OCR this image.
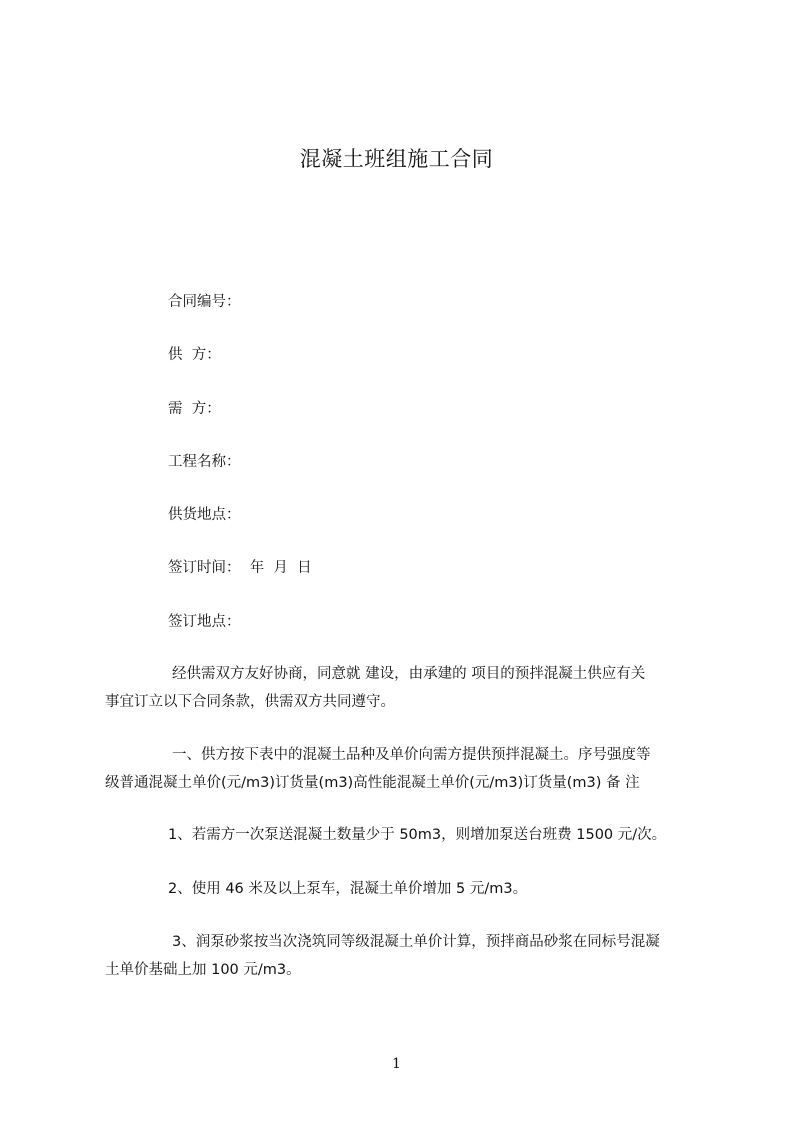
混凝土班组施工合同
合同编号：
供  方：
需  方：
工程名称：
供货地点：
签订时间：  年  月  日
签订地点：
经供需双方友好协商，同意就 建设，由承建的 项目的预拌混凝土供应有关
事宜订立以下合同条款，供需双方共同遵守。
一、供方按下表中的混凝土品种及单价向需方提供预拌混凝土。序号强度等
级普通混凝土单价(元/m3)订货量(m3)高性能混凝土单价(元/m3)订货量(m3) 备 注
1、若需方一次泵送混凝土数量少于 50m3，则增加泵送台班费 1500 元/次。
2、使用 46 米及以上泵车，混凝土单价增加 5 元/m3。
3、润泵砂浆按当次浇筑同等级混凝土单价计算，预拌商品砂浆在同标号混凝
土单价基础上加 100 元/m3。
1
